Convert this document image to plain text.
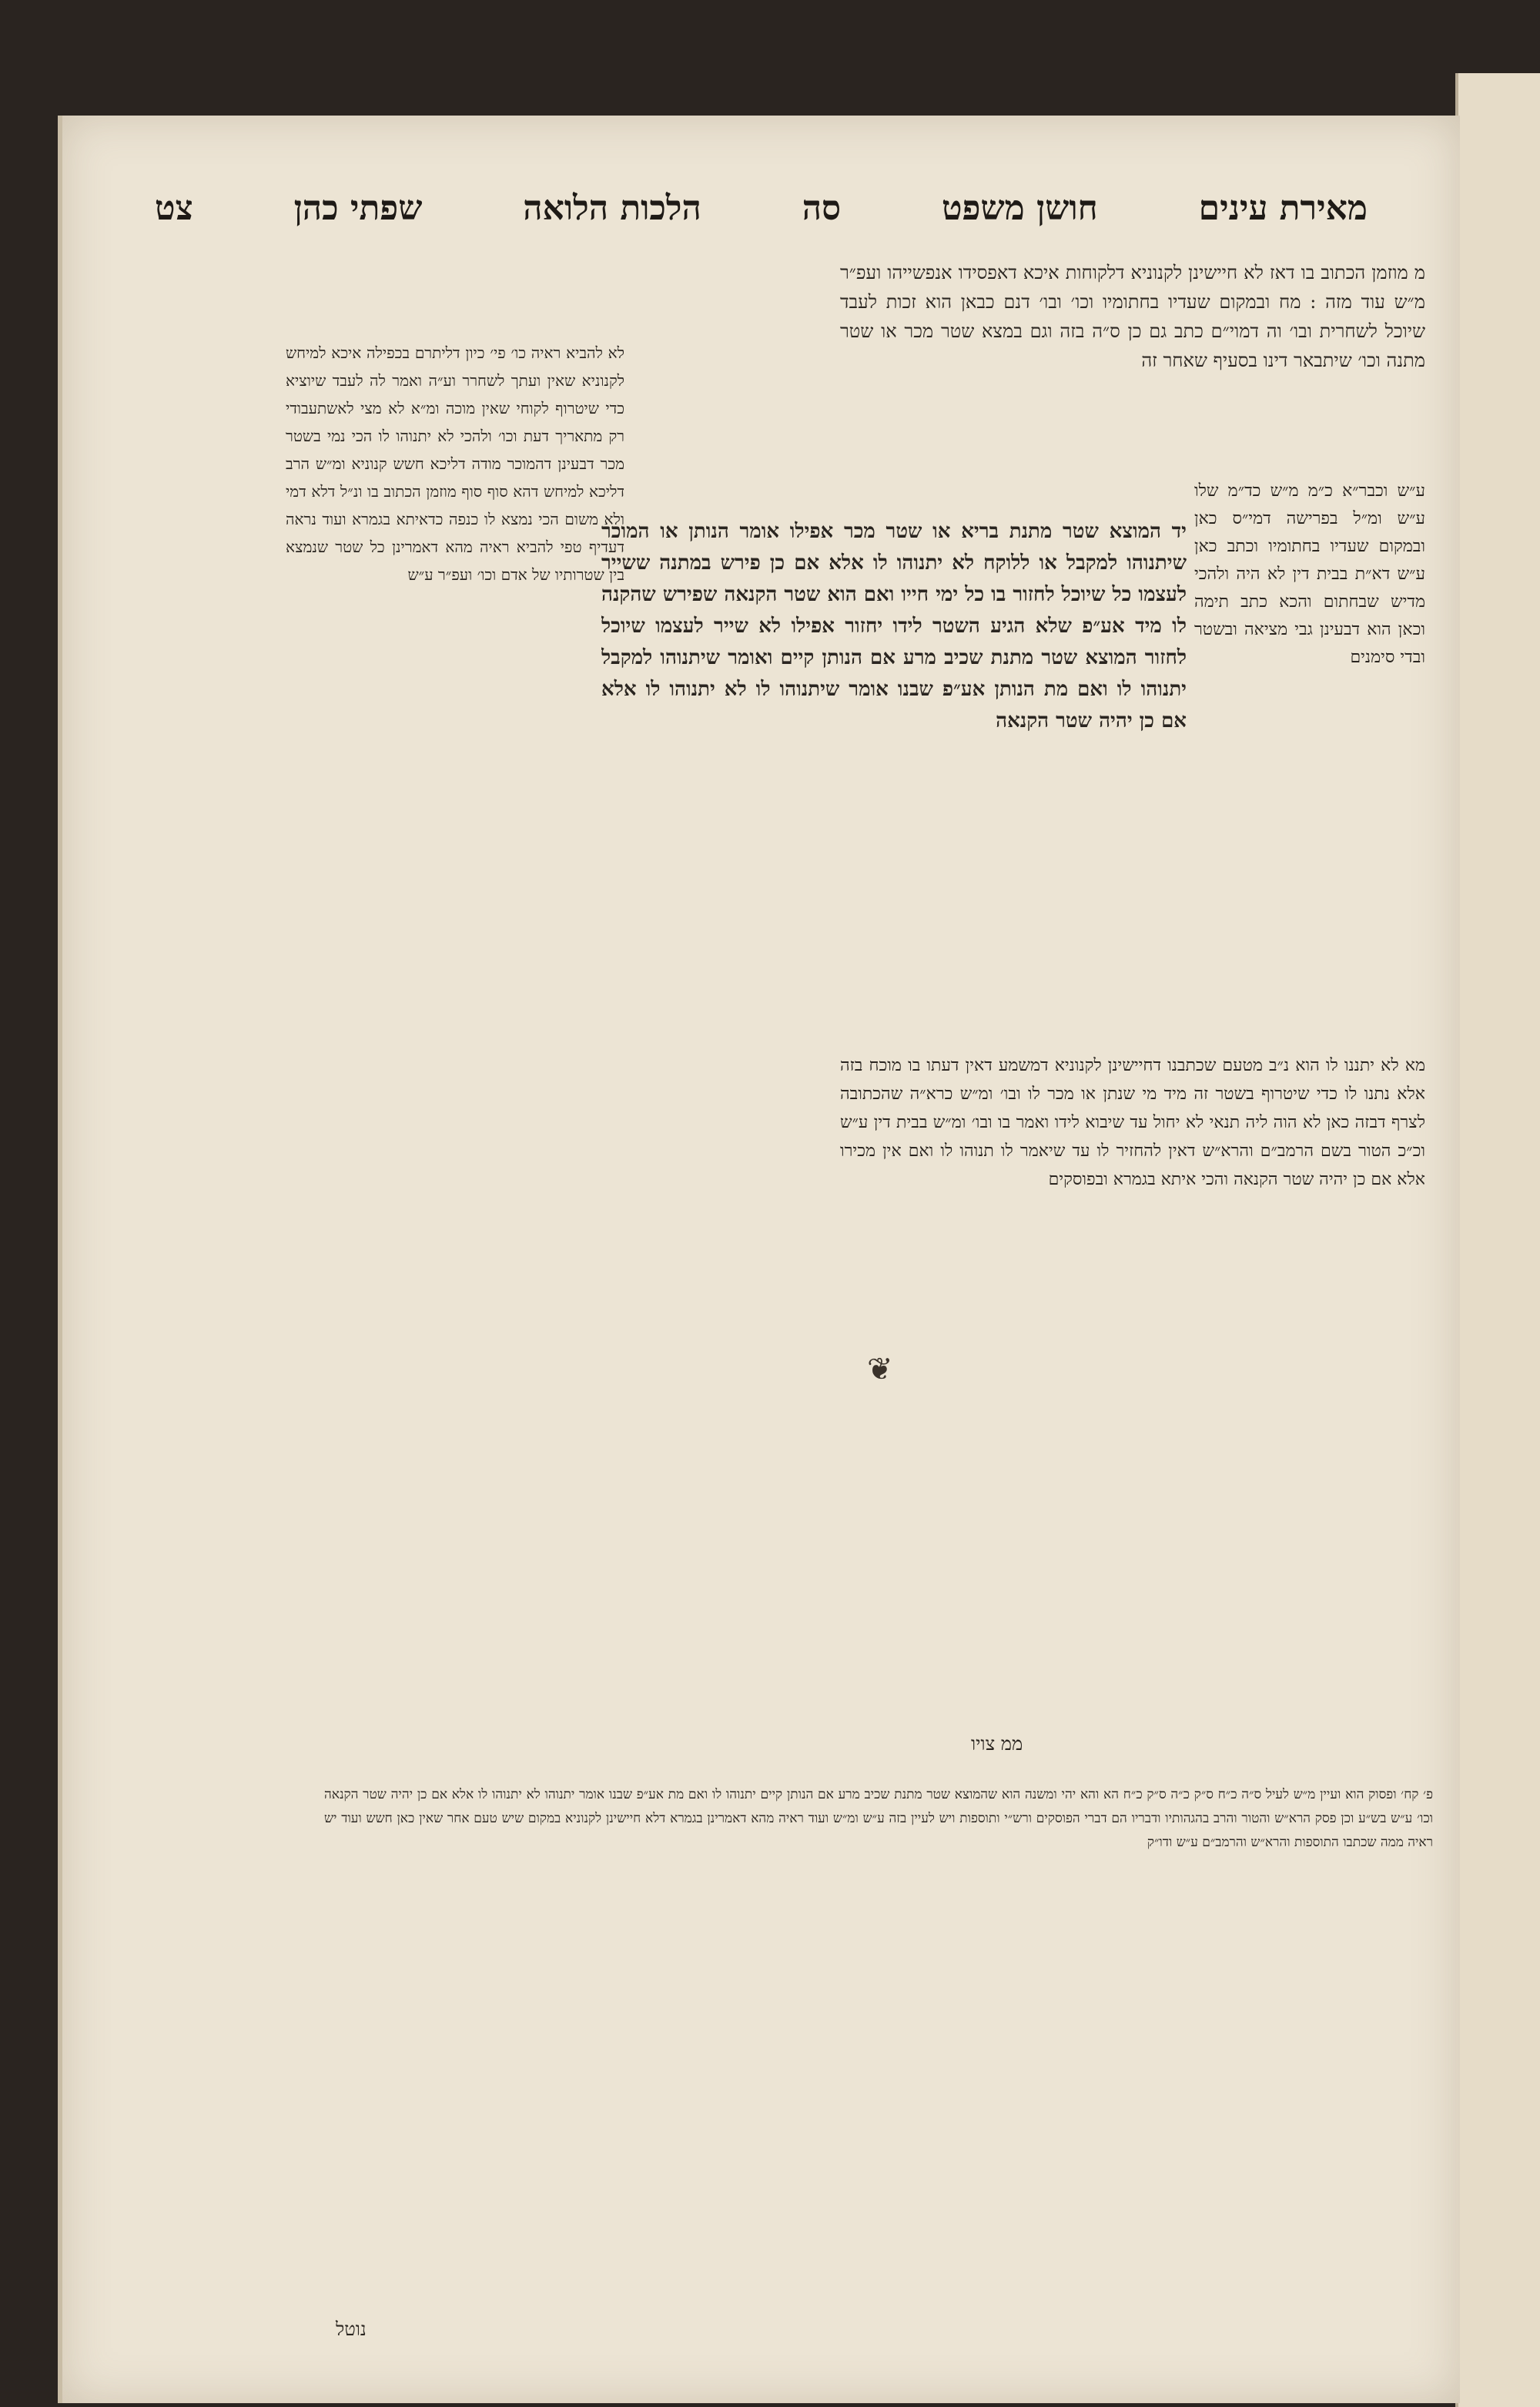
מאירת עינים
חושן משפט
סה
הלכות הלואה
שפתי כהן
צט

מ מוזמן הכתוב בו דאז לא חיישינן לקנוניא דלקוחות איכא דאפסידו אנפשייהו ועפ״ר מ״ש עוד מזה : מח ובמקום שעדיו בחתומיו וכו׳ ובו׳ דנם כבאן הוא זכות לעבד שיוכל לשחרית ובו׳ וה דמוי״ם כתב גם כן ס״ה בזה וגם במצא שטר מכר או שטר מתנה וכו׳ שיתבאר דינו בסעיף שאחר זה

ע״ש וכבר״א כ״מ מ״ש כד״מ שלו ע״ש ומ״ל בפרישה דמי״ס כאן ובמקום שעדיו בחתומיו וכתב כאן ע״ש דא״ת בבית דין לא היה ולהכי מדיש שבחתום והכא כתב תימה וכאן הוא דבעינן גבי מציאה ובשטר ובדי סימנים

יד המוצא שטר מתנת בריא או שטר מכר אפילו אומר הנותן או המוכר שיתנוהו למקבל או ללוקח לא יתנוהו לו אלא אם כן פירש במתנה ששייר לעצמו כל שיוכל לחזור בו כל ימי חייו ואם הוא שטר הקנאה שפירש שהקנה לו מיד אע״פ שלא הגיע השטר לידו יחזור אפילו לא שייר לעצמו שיוכל לחזור המוצא שטר מתנת שכיב מרע אם הנותן קיים ואומר שיתנוהו למקבל יתנוהו לו ואם מת הנותן אע״פ שבנו אומר שיתנוהו לו לא יתנוהו לו אלא אם כן יהיה שטר הקנאה

לא להביא ראיה כו׳ פי׳ כיון דליתרם בכפילה איכא למיחש לקנוניא שאין ועתך לשחרר וע״ה ואמר לה לעבד שיוציא כדי שיטרוף לקוחי שאין מוכה ומ״א לא מצי לאשתעבודי רק מתאריך דעת וכו׳ ולהכי לא יתנוהו לו הכי נמי בשטר מכר דבעינן דהמוכר מודה דליכא חשש קנוניא ומ״ש הרב דליכא למיחש דהא סוף סוף מוזמן הכתוב בו ונ״ל דלא דמי ולא משום הכי נמצא לו כנפה כדאיתא בגמרא ועוד נראה דעדיף טפי להביא ראיה מהא דאמרינן כל שטר שנמצא בין שטרותיו של אדם וכו׳ ועפ״ר ע״ש

מא לא יתננו לו הוא נ״ב מטעם שכתבנו דחיישינן לקנוניא דמשמע דאין דעתו בו מוכח בזה אלא נתנו לו כדי שיטרוף בשטר זה מיד מי שנתן או מכר לו ובו׳ ומ״ש כרא״ה שהכתובה לצרף דבזה כאן לא הוה ליה תנאי לא יחול עד שיבוא לידו ואמר בו ובו׳ ומ״ש בבית דין ע״ש וכ״כ הטור בשם הרמב״ם והרא״ש דאין להחזיר לו עד שיאמר לו תנוהו לו ואם אין מכירו אלא אם כן יהיה שטר הקנאה והכי איתא בגמרא ובפוסקים

❦

פ׳ קח׳ ופסוק הוא ועיין מ״ש לעיל ס״ה כ״ח ס״ק כ״ה ס״ק כ״ח הא והא יהי ומשנה הוא שהמוצא שטר מתנת שכיב מרע אם הנותן קיים יתנוהו לו ואם מת אע״פ שבנו אומר יתנוהו לא יתנוהו לו אלא אם כן יהיה שטר הקנאה וכו׳ ע״ש בש״ע וכן פסק הרא״ש והטור והרב בהגהותיו ודבריו הם דברי הפוסקים ורש״י ותוספות ויש לעיין בזה ע״ש ומ״ש ועוד ראיה מהא דאמרינן בגמרא דלא חיישינן לקנוניא במקום שיש טעם אחר שאין כאן חשש ועוד יש ראיה ממה שכתבו התוספות והרא״ש והרמב״ם ע״ש ודו״ק

נוטל
ממ צויו
